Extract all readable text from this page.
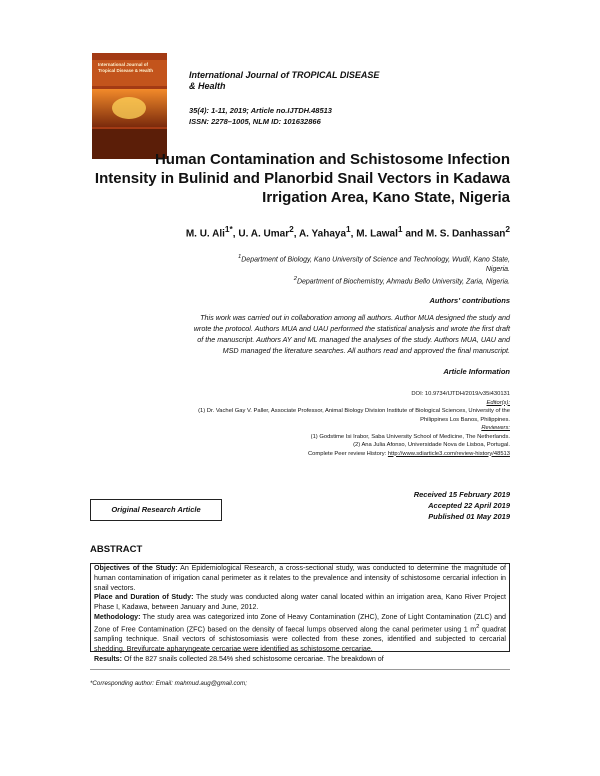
International Journal of Tropical Disease & Health	International Journal of TROPICAL DISEASE
& Health
35(4): 1-11, 2019; Article no.IJTDH.48513
ISSN: 2278–1005, NLM ID: 101632866
Human Contamination and Schistosome Infection Intensity in Bulinid and Planorbid Snail Vectors in Kadawa Irrigation Area, Kano State, Nigeria
M. U. Ali$^{1*}$, U. A. Umar$^2$, A. Yahaya$^1$, M. Lawal$^1$ and M. S. Danhassan$^2$
$^1$Department of Biology, Kano University of Science and Technology, Wudil, Kano State,
Nigeria.
$^2$Department of Biochemistry, Ahmadu Bello University, Zaria, Nigeria.
Authors' contributions
This work was carried out in collaboration among all authors. Author MUA designed the study and
wrote the protocol. Authors MUA and UAU performed the statistical analysis and wrote the first draft
of the manuscript. Authors AY and ML managed the analyses of the study. Authors MUA, UAU and
MSD managed the literature searches. All authors read and approved the final manuscript.
Article Information
DOI: 10.9734/IJTDH/2019/v35i430131
Editor(s):
(1) Dr. Vachel Gay V. Paller, Associate Professor, Animal Biology Division Institute of Biological Sciences, University of the
Philippines Los Banos, Philippines.
Reviewers:
(1) Godstime Isi Irabor, Saba University School of Medicine, The Netherlands.
(2) Ana Julia Afonso, Universidade Nova de Lisboa, Portugal.
Complete Peer review History: http://www.sdiarticle3.com/review-history/48513
Original Research Article
Received 15 February 2019
Accepted 22 April 2019
Published 01 May 2019
ABSTRACT

Objectives of the Study: An Epidemiological Research, a cross-sectional study, was conducted to determine the magnitude of human contamination of irrigation canal perimeter as it relates to the prevalence and intensity of schistosome cercarial infection in snail vectors.

Place and Duration of Study: The study was conducted along water canal located within an irrigation area, Kano River Project Phase I, Kadawa, between January and June, 2012.

Methodology: The study area was categorized into Zone of Heavy Contamination (ZHC), Zone of Light Contamination (ZLC) and Zone of Free Contamination (ZFC) based on the density of faecal lumps observed along the canal perimeter using 1 $m^2$ quadrat sampling technique. Snail vectors of schistosomiasis were collected from these zones, identified and subjected to cercarial shedding. Brevifurcate apharyngeate cercariae were identified as schistosome cercariae.

Results: Of the 827 snails collected 28.54% shed schistosome cercariae. The breakdown of

*Corresponding author: Email: mahmud.aug@gmail.com;
